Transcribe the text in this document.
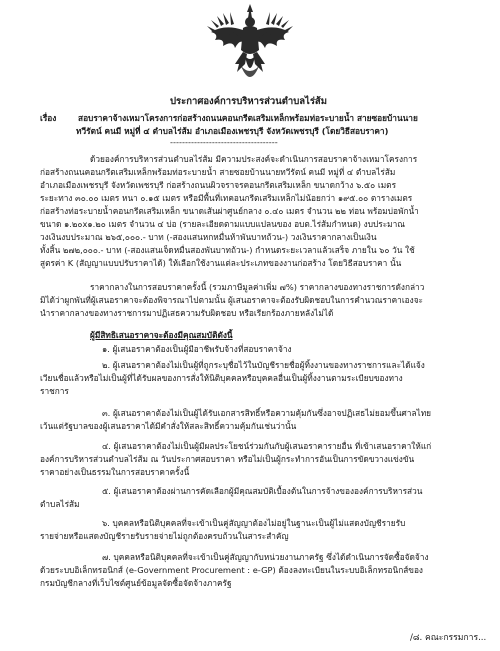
ประกาศองค์การบริหารส่วนตำบลไร่ส้ม
เรื่อง	สอบราคาจ้างเหมาโครงการก่อสร้างถนนคอนกรีตเสริมเหล็กพร้อมท่อระบายน้ำ สายซอยบ้านนาย
ทวีรัตน์ คนมี หมู่ที่ ๔ ตำบลไร่ส้ม อำเภอเมืองเพชรบุรี จังหวัดเพชรบุรี (โดยวิธีสอบราคา)
------------------------------------
ด้วยองค์การบริหารส่วนตำบลไร่ส้ม มีความประสงค์จะดำเนินการสอบราคาจ้างเหมาโครงการ
ก่อสร้างถนนคอนกรีตเสริมเหล็กพร้อมท่อระบายน้ำ สายซอยบ้านนายทวีรัตน์ คนมี หมู่ที่ ๔ ตำบลไร่ส้ม
อำเภอเมืองเพชรบุรี จังหวัดเพชรบุรี ก่อสร้างถนนผิวจราจรคอนกรีตเสริมเหล็ก ขนาดกว้าง ๖.๕๐ เมตร
ระยะทาง ๓๐.๐๐ เมตร หนา ๐.๑๕ เมตร หรือมีพื้นที่เทคอนกรีตเสริมเหล็กไม่น้อยกว่า ๑๙๕.๐๐ ตารางเมตร
ก่อสร้างท่อระบายน้ำคอนกรีตเสริมเหล็ก ขนาดเส้นผ่าศูนย์กลาง ๐.๔๐ เมตร จำนวน ๒๒ ท่อน พร้อมบ่อพักน้ำ
ขนาด ๑.๒๐x๑.๒๐ เมตร จำนวน ๔ บ่อ (รายละเอียดตามแบบแปลนของ อบต.ไร่ส้มกำหนด) งบประมาณ
วงเงินงบประมาณ ๒๖๕,๐๐๐.- บาท (-สองแสนหกหมื่นห้าพันบาทถ้วน-) วงเงินราคากลางเป็นเงิน
ทั้งสิ้น ๒๗๒,๐๐๐.- บาท (-สองแสนเจ็ดหมื่นสองพันบาทถ้วน-) กำหนดระยะเวลาแล้วเสร็จ ภายใน ๖๐ วัน ใช้
สูตรค่า K (สัญญาแบบปรับราคาได้) ให้เลือกใช้งานแต่ละประเภทของงานก่อสร้าง โดยวิธีสอบราคา นั้น
ราคากลางในการสอบราคาครั้งนี้ (รวมภาษีมูลค่าเพิ่ม ๗%) ราคากลางของทางราชการดังกล่าว
มิได้ว่าผูกพันที่ผู้เสนอราคาจะต้องพิจารณาไปตามนั้น ผู้เสนอราคาจะต้องรับผิดชอบในการคำนวณราคาเองจะ
นำราคากลางของทางราชการมาปฏิเสธความรับผิดชอบ หรือเรียกร้องภายหลังไม่ได้
ผู้มีสิทธิเสนอราคาจะต้องมีคุณสมบัติดังนี้
๑. ผู้เสนอราคาต้องเป็นผู้มีอาชีพรับจ้างที่สอบราคาจ้าง
๒. ผู้เสนอราคาต้องไม่เป็นผู้ที่ถูกระบุชื่อไว้ในบัญชีรายชื่อผู้ทิ้งงานของทางราชการและได้แจ้ง
เวียนชื่อแล้วหรือไม่เป็นผู้ที่ได้รับผลของการสั่งให้นิติบุคคลหรือบุคคลอื่นเป็นผู้ทิ้งงานตามระเบียบของทาง
ราชการ
๓. ผู้เสนอราคาต้องไม่เป็นผู้ได้รับเอกสารสิทธิ์หรือความคุ้มกันซึ่งอาจปฏิเสธไม่ยอมขึ้นศาลไทย
เว้นแต่รัฐบาลของผู้เสนอราคาได้มีคำสั่งให้สละสิทธิ์ความคุ้มกันเช่นว่านั้น
๔. ผู้เสนอราคาต้องไม่เป็นผู้มีผลประโยชน์ร่วมกันกับผู้เสนอราคารายอื่น ที่เข้าเสนอราคาให้แก่
องค์การบริหารส่วนตำบลไร่ส้ม ณ วันประกาศสอบราคา หรือไม่เป็นผู้กระทำการอันเป็นการขัดขวางแข่งขัน
ราคาอย่างเป็นธรรมในการสอบราคาครั้งนี้
๕. ผู้เสนอราคาต้องผ่านการคัดเลือกผู้มีคุณสมบัติเบื้องต้นในการจ้างขององค์การบริหารส่วน
ตำบลไร่ส้ม
๖. บุคคลหรือนิติบุคคลที่จะเข้าเป็นคู่สัญญาต้องไม่อยู่ในฐานะเป็นผู้ไม่แสดงบัญชีรายรับ
รายจ่ายหรือแสดงบัญชีรายรับรายจ่ายไม่ถูกต้องครบถ้วนในสาระสำคัญ
๗. บุคคลหรือนิติบุคคลที่จะเข้าเป็นคู่สัญญากับหน่วยงานภาครัฐ ซึ่งได้ดำเนินการจัดซื้อจัดจ้าง
ด้วยระบบอิเล็กทรอนิกส์ (e-Government Procurement : e-GP) ต้องลงทะเบียนในระบบอิเล็กทรอนิกส์ของ
กรมบัญชีกลางที่เว็บไซต์ศูนย์ข้อมูลจัดซื้อจัดจ้างภาครัฐ
/๘. คณะกรรมการ...
